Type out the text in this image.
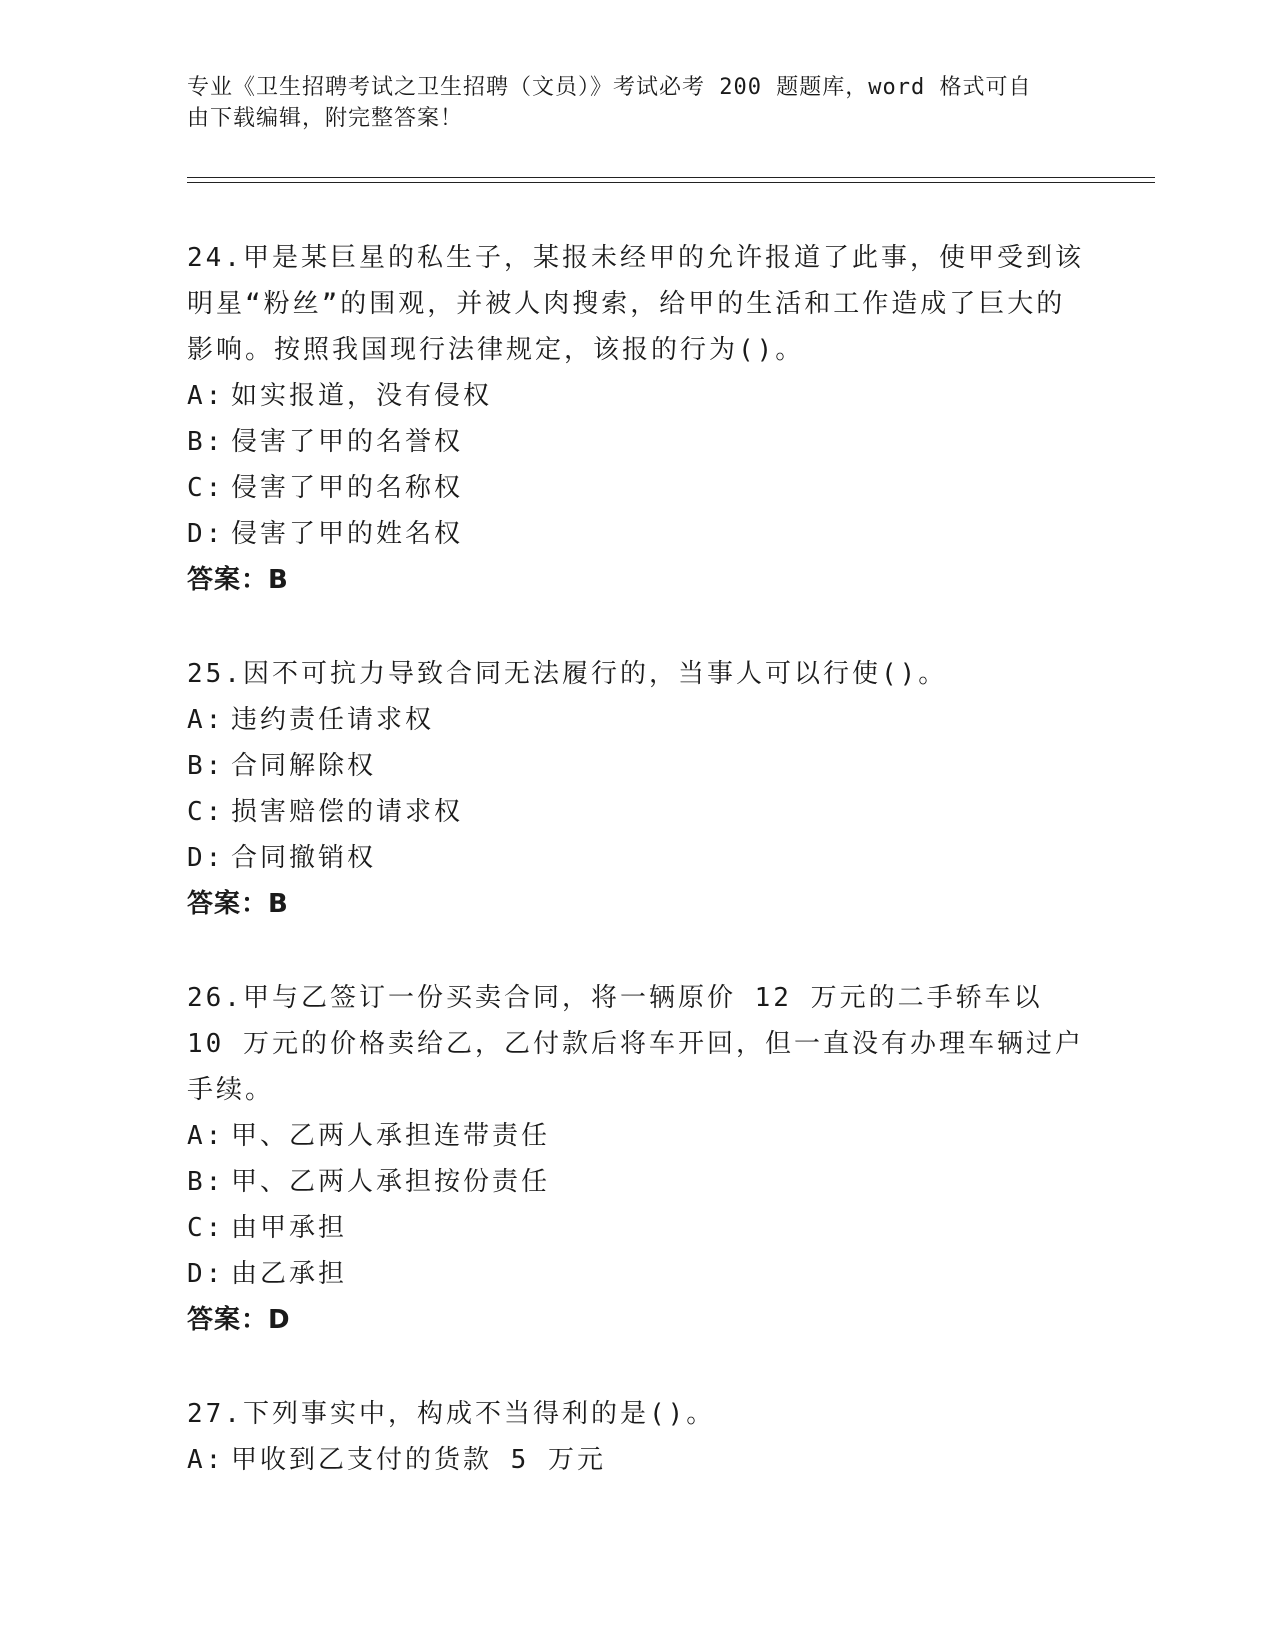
专业《卫生招聘考试之卫生招聘（文员）》考试必考 200 题题库，word 格式可自
由下载编辑，附完整答案！

24.甲是某巨星的私生子，某报未经甲的允许报道了此事，使甲受到该明星“粉丝”的围观，并被人肉搜索，给甲的生活和工作造成了巨大的影响。按照我国现行法律规定，该报的行为()。

A: 如实报道，没有侵权
B: 侵害了甲的名誉权
C: 侵害了甲的名称权
D: 侵害了甲的姓名权
答案：B

25.因不可抗力导致合同无法履行的，当事人可以行使()。

A: 违约责任请求权
B: 合同解除权
C: 损害赔偿的请求权
D: 合同撤销权
答案：B

26.甲与乙签订一份买卖合同，将一辆原价 12 万元的二手轿车以 10 万元的价格卖给乙，乙付款后将车开回，但一直没有办理车辆过户手续。

A: 甲、乙两人承担连带责任
B: 甲、乙两人承担按份责任
C: 由甲承担
D: 由乙承担
答案：D

27.下列事实中，构成不当得利的是()。

A: 甲收到乙支付的货款 5 万元
